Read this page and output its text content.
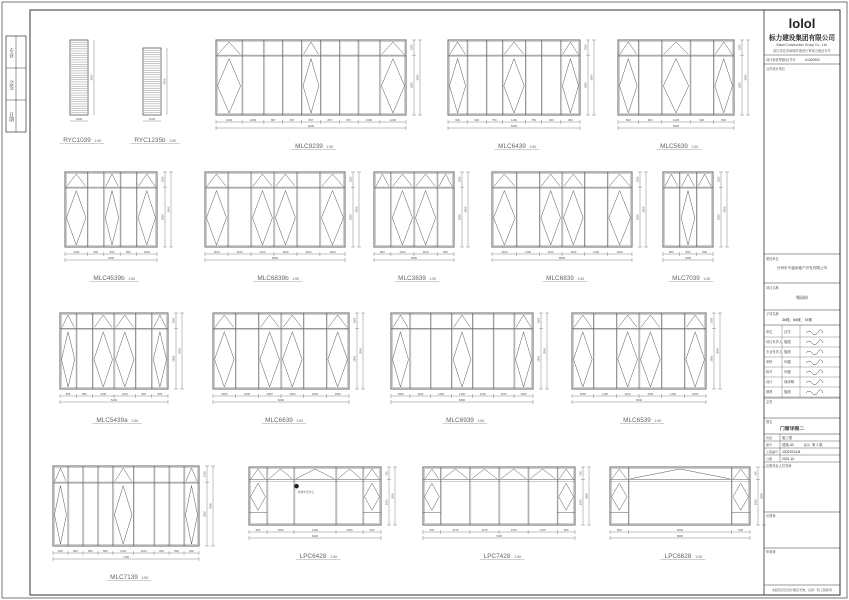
专业
会签
日期
lolol
标力建设集团有限公司
Biaoli Construction Group Co., Ltd.
浙江省住房和城乡建设厅审查合格证书号
设计资质等级/证书号	A1300903
合作设计单位
建设单位
台州市中盛房地产开发有限公司
项目名称
聚园府
子项名称
3#楼、6#楼、7#楼
审定	汪学
项目负责人 施展
专业负责人 施展
审核	叶健
校对	叶健
设计	徐泽明
制图	施展
会签
图名
门窗详图二
阶段	施工图
图号	建施-40	版次 第 1 版
工程编号 J2021013-B
日期	2021.10
注册执业人员签章
出图章
审查章
未经签章及设计图章无效，仅供一阶工程使用
1000
3900
RYC1039 1:50
1200
3500
RYC1235b 1:50
1200	1000	867	867	867	867	867	1000	1200
9200
1050
2850
3900
MLC9239 1:50
900	900	750	1100	750	900	900
6400
1050
2850
3900
MLC6439 1:50
800	900	1100	900	800
5600
1050
2850
3900
MLC5639 1:50
1100	800	800	800	1000
4500
1050
2850
3900
MLC4539b 1:50
1100	1100	1100	1100	1100	1200
6800
1050
2850
3900
MLC6839b 1:50
800	1100	1100	800
3800
1050
2850
3900
MLC3839 1:50
1200	1100	1100	1100	1100	1200
6800
1050
2850
3900
MLC6839 1:50
800	800	800
2400
1050
2850
3900
MLC7039 1:50
826	826	1100	1100	826	826
5400
1050
2850
3900
MLC5439a 1:50
1000	1000	1000	1000	1000	1000
6600
1050
2850
3900
MLC6639 1:50
1000	1100	1100	1100	1100	1100	1000
6900
1050
2850
3900
MLC6939 1:50
1050	1100	1100	1100	1100	1050
6500
1050
2850
3900
MLC6539 1:50
800	800	800	800	1100	1100	800	800	800
7100
1050
2850
3900
MLC7139 1:50
900	1350	2100	1350	900
6400
500
2300
2800
LPC6428 1:50
双玻中空外立
900	1475	1475	1475	1475	900
7400
500
2300
2800
LPC7428 1:50
900	5000	900
6800
500
2300
2800
LPC6828 1:50
